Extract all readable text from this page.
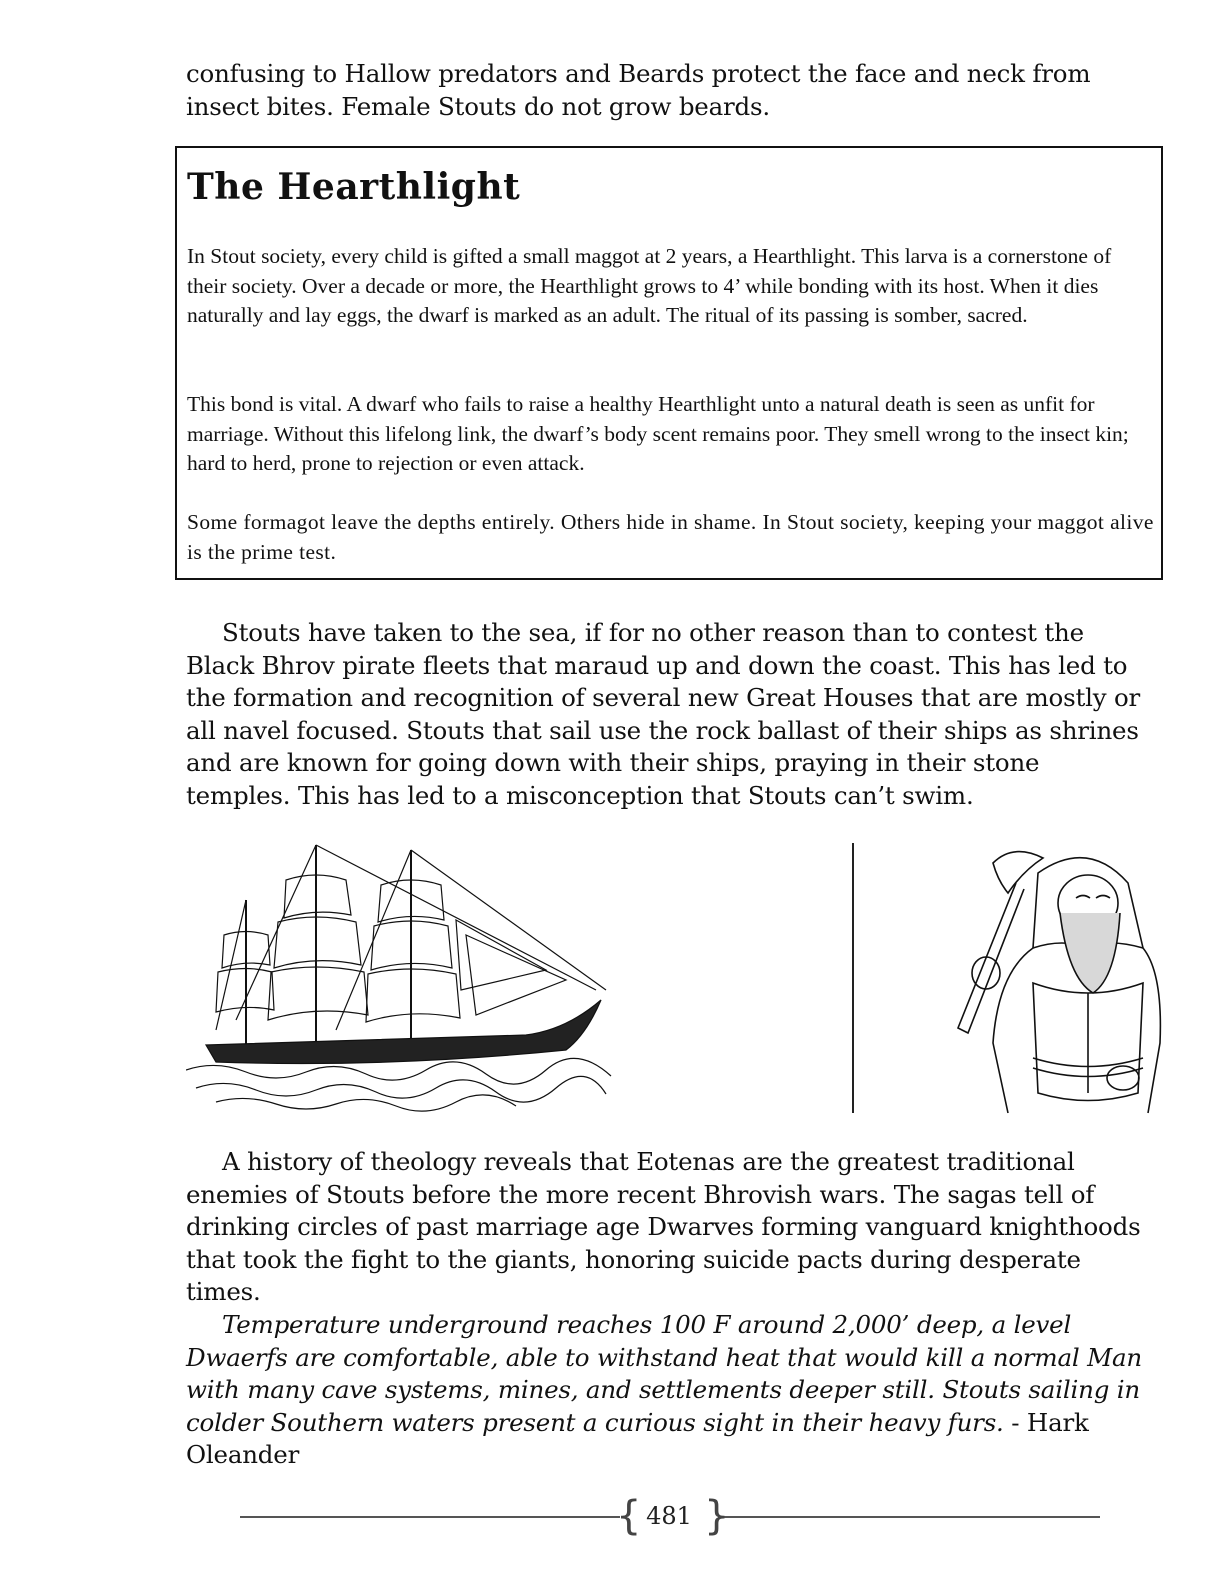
confusing to Hallow predators and Beards protect the face and neck from insect bites. Female Stouts do not grow beards.

The Hearthlight

In Stout society, every child is gifted a small maggot at 2 years, a Hearthlight. This larva is a cornerstone of their society. Over a decade or more, the Hearthlight grows to 4’ while bonding with its host. When it dies naturally and lay eggs, the dwarf is marked as an adult. The ritual of its passing is somber, sacred.

This bond is vital. A dwarf who fails to raise a healthy Hearthlight unto a natural death is seen as unfit for marriage. Without this lifelong link, the dwarf’s body scent remains poor. They smell wrong to the insect kin; hard to herd, prone to rejection or even attack.

Some formagot leave the depths entirely. Others hide in shame. In Stout society, keeping your maggot alive is the prime test.

Stouts have taken to the sea, if for no other reason than to contest the Black Bhrov pirate fleets that maraud up and down the coast. This has led to the formation and recognition of several new Great Houses that are mostly or all navel focused. Stouts that sail use the rock ballast of their ships as shrines and are known for going down with their ships, praying in their stone temples. This has led to a misconception that Stouts can’t swim.

A history of theology reveals that Eotenas are the greatest traditional enemies of Stouts before the more recent Bhrovish wars. The sagas tell of drinking circles of past marriage age Dwarves forming vanguard knighthoods that took the fight to the giants, honoring suicide pacts during desperate times.

Temperature underground reaches 100 F around 2,000’ deep, a level Dwaerfs are comfortable, able to withstand heat that would kill a normal Man with many cave systems, mines, and settlements deeper still. Stouts sailing in colder Southern waters present a curious sight in their heavy furs. - Hark Oleander

{ }
481
